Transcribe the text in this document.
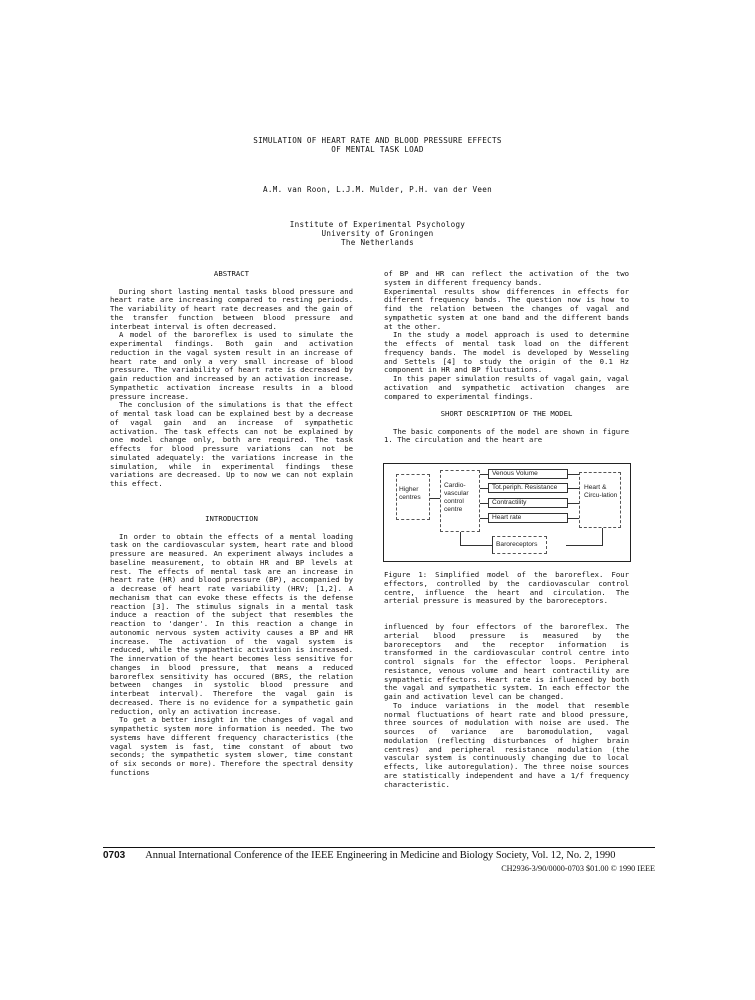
SIMULATION OF HEART RATE AND BLOOD PRESSURE EFFECTS
OF MENTAL TASK LOAD
A.M. van Roon, L.J.M. Mulder, P.H. van der Veen
Institute of Experimental Psychology
University of Groningen
The Netherlands

ABSTRACT

During short lasting mental tasks blood pressure and heart rate are increasing compared to resting periods. The variability of heart rate decreases and the gain of the transfer function between blood pressure and interbeat interval is often decreased.

A model of the baroreflex is used to simulate the experimental findings. Both gain and activation reduction in the vagal system result in an increase of heart rate and only a very small increase of blood pressure. The variability of heart rate is decreased by gain reduction and increased by an activation increase. Sympathetic activation increase results in a blood pressure increase.

The conclusion of the simulations is that the effect of mental task load can be explained best by a decrease of vagal gain and an increase of sympathetic activation. The task effects can not be explained by one model change only, both are required. The task effects for blood pressure variations can not be simulated adequately: the variations increase in the simulation, while in experimental findings these variations are decreased. Up to now we can not explain this effect.

INTRODUCTION

In order to obtain the effects of a mental loading task on the cardiovascular system, heart rate and blood pressure are measured. An experiment always includes a baseline measurement, to obtain HR and BP levels at rest. The effects of mental task are an increase in heart rate (HR) and blood pressure (BP), accompanied by a decrease of heart rate variability (HRV; [1,2]. A mechanism that can evoke these effects is the defense reaction [3]. The stimulus signals in a mental task induce a reaction of the subject that resembles the reaction to 'danger'. In this reaction a change in autonomic nervous system activity causes a BP and HR increase. The activation of the vagal system is reduced, while the sympathetic activation is increased. The innervation of the heart becomes less sensitive for changes in blood pressure, that means a reduced baroreflex sensitivity has occured (BRS, the relation between changes in systolic blood pressure and interbeat interval). Therefore the vagal gain is decreased. There is no evidence for a sympathetic gain reduction, only an activation increase.

To get a better insight in the changes of vagal and sympathetic system more information is needed. The two systems have different frequency characteristics (the vagal system is fast, time constant of about two seconds; the sympathetic system slower, time constant of six seconds or more). Therefore the spectral density functions

of BP and HR can reflect the activation of the two system in different frequency bands.

Experimental results show differences in effects for different frequency bands. The question now is how to find the relation between the changes of vagal and sympathetic system at one band and the different bands at the other.

In the study a model approach is used to determine the effects of mental task load on the different frequency bands. The model is developed by Wesseling and Settels [4] to study the origin of the 0.1 Hz component in HR and BP fluctuations.

In this paper simulation results of vagal gain, vagal activation and sympathetic activation changes are compared to experimental findings.

SHORT DESCRIPTION OF THE MODEL

The basic components of the model are shown in figure 1. The circulation and the heart are

Higher centres
Cardio-vascular control centre
Venous Volume
Tot.periph. Resistance
Contractility
Heart rate
Heart & Circu-lation
Baroreceptors
Figure 1: Simplified model of the baroreflex. Four effectors, controlled by the cardiovascular control centre, influence the heart and circulation. The arterial pressure is measured by the baroreceptors.

influenced by four effectors of the baroreflex. The arterial blood pressure is measured by the baroreceptors and the receptor information is transformed in the cardiovascular control centre into control signals for the effector loops. Peripheral resistance, venous volume and heart contractility are sympathetic effectors. Heart rate is influenced by both the vagal and sympathetic system. In each effector the gain and activation level can be changed.

To induce variations in the model that resemble normal fluctuations of heart rate and blood pressure, three sources of modulation with noise are used. The sources of variance are baromodulation, vagal modulation (reflecting disturbances of higher brain centres) and peripheral resistance modulation (the vascular system is continuously changing due to local effects, like autoregulation). The three noise sources are statistically independent and have a 1/f frequency characteristic.

0703 Annual International Conference of the IEEE Engineering in Medicine and Biology Society, Vol. 12, No. 2, 1990
CH2936-3/90/0000-0703 $01.00 © 1990 IEEE
